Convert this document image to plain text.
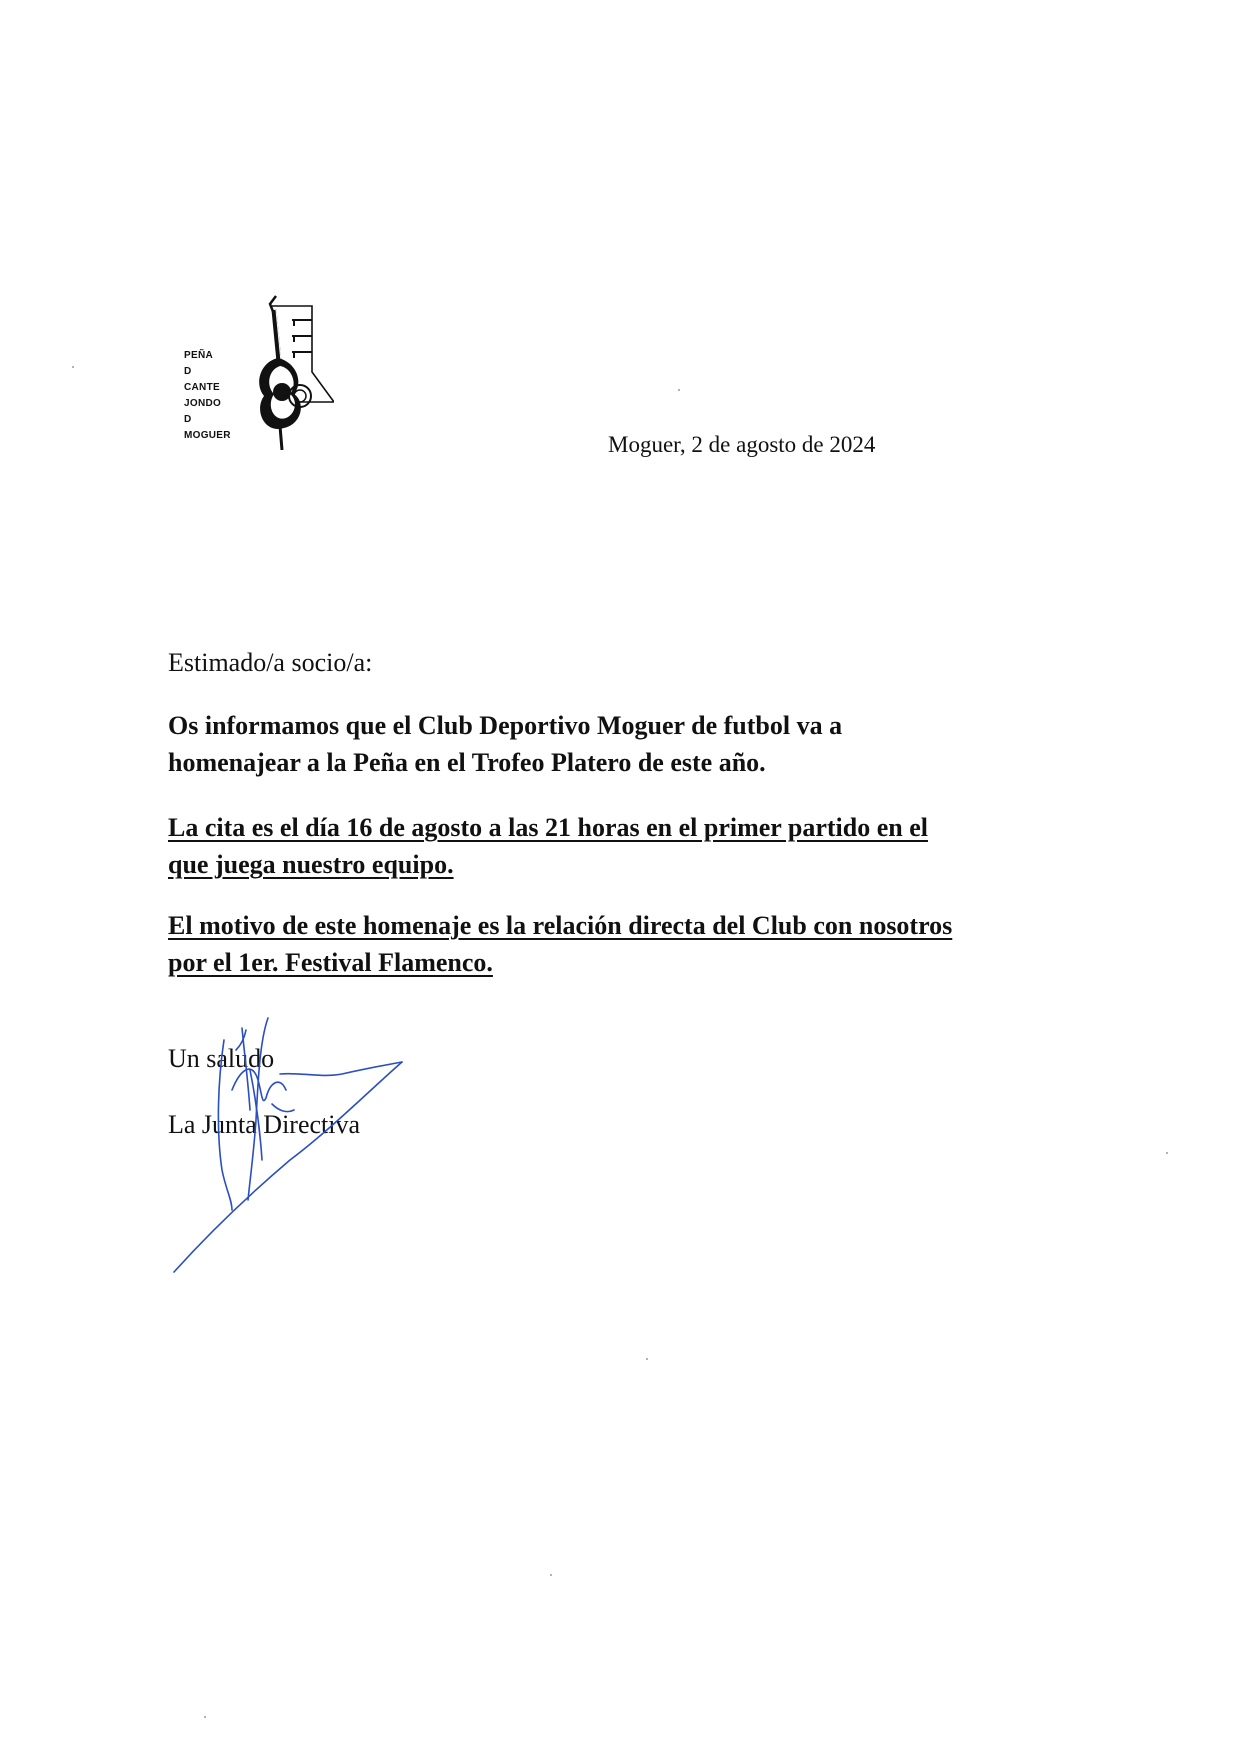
PEÑA
D
CANTE
JONDO
D
MOGUER	Moguer, 2 de agosto de 2024
Estimado/a socio/a:
Os informamos que el Club Deportivo Moguer de futbol va a
homenajear a la Peña en el Trofeo Platero de este año.
La cita es el día 16 de agosto a las 21 horas en el primer partido en el
que juega nuestro equipo.
El motivo de este homenaje es la relación directa del Club con nosotros
por el 1er. Festival Flamenco.
Un saludo
La Junta Directiva
